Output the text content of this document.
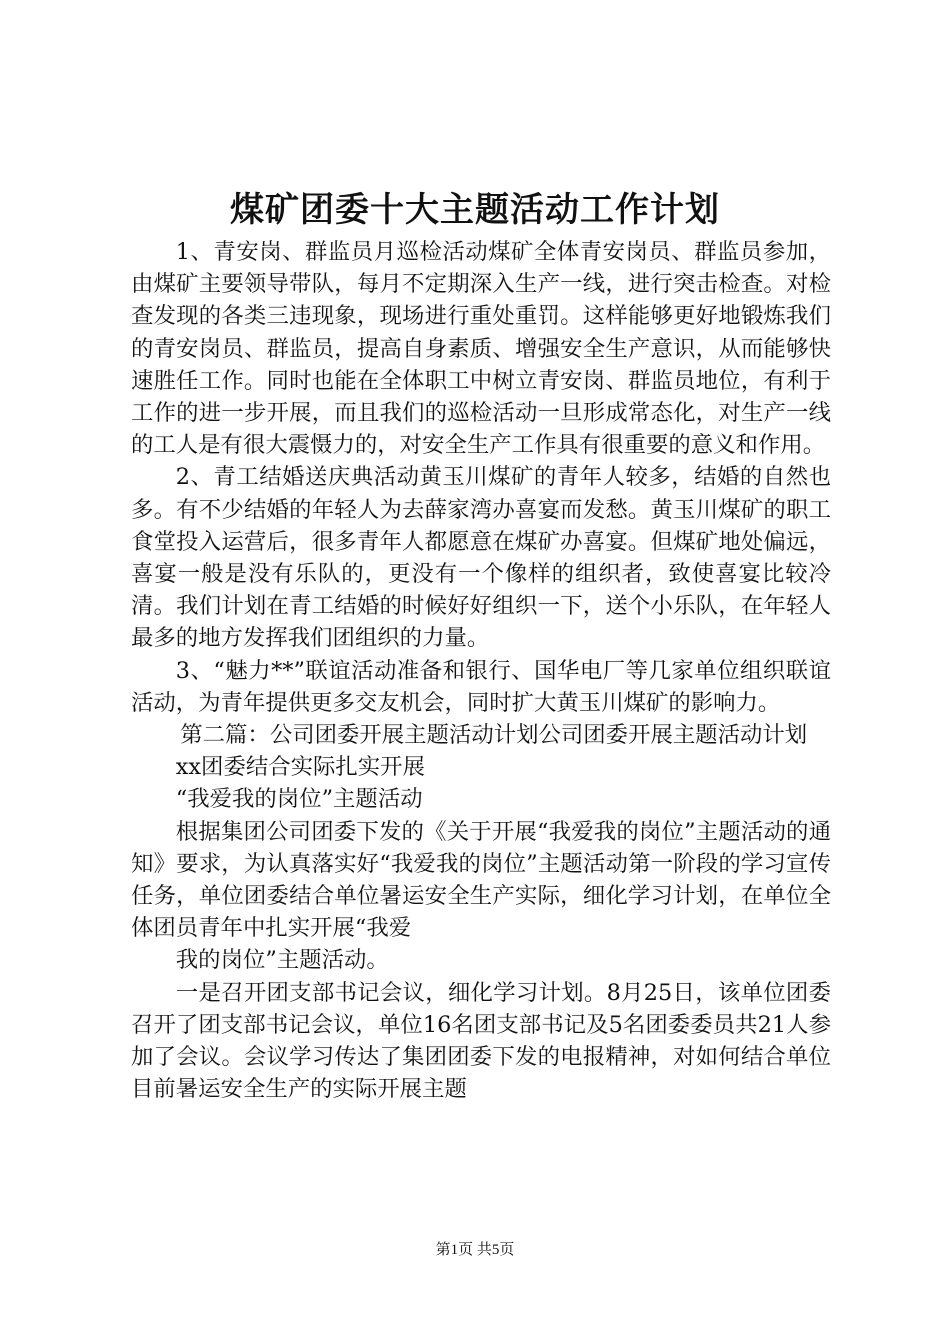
煤矿团委十大主题活动工作计划

1、青安岗、群监员月巡检活动煤矿全体青安岗员、群监员参加，由煤矿主要领导带队，每月不定期深入生产一线，进行突击检查。对检查发现的各类三违现象，现场进行重处重罚。这样能够更好地锻炼我们的青安岗员、群监员，提高自身素质、增强安全生产意识，从而能够快速胜任工作。同时也能在全体职工中树立青安岗、群监员地位，有利于工作的进一步开展，而且我们的巡检活动一旦形成常态化，对生产一线的工人是有很大震慑力的，对安全生产工作具有很重要的意义和作用。

2、青工结婚送庆典活动黄玉川煤矿的青年人较多，结婚的自然也多。有不少结婚的年轻人为去薛家湾办喜宴而发愁。黄玉川煤矿的职工食堂投入运营后，很多青年人都愿意在煤矿办喜宴。但煤矿地处偏远，喜宴一般是没有乐队的，更没有一个像样的组织者，致使喜宴比较冷清。我们计划在青工结婚的时候好好组织一下，送个小乐队，在年轻人最多的地方发挥我们团组织的力量。

3、“魅力**”联谊活动准备和银行、国华电厂等几家单位组织联谊活动，为青年提供更多交友机会，同时扩大黄玉川煤矿的影响力。

第二篇：公司团委开展主题活动计划公司团委开展主题活动计划

xx团委结合实际扎实开展

“我爱我的岗位”主题活动

根据集团公司团委下发的《关于开展“我爱我的岗位”主题活动的通知》要求，为认真落实好“我爱我的岗位”主题活动第一阶段的学习宣传任务，单位团委结合单位暑运安全生产实际，细化学习计划，在单位全体团员青年中扎实开展“我爱

我的岗位”主题活动。

一是召开团支部书记会议，细化学习计划。8月25日，该单位团委召开了团支部书记会议，单位16名团支部书记及5名团委委员共21人参加了会议。会议学习传达了集团团委下发的电报精神，对如何结合单位目前暑运安全生产的实际开展主题

第1页 共5页
